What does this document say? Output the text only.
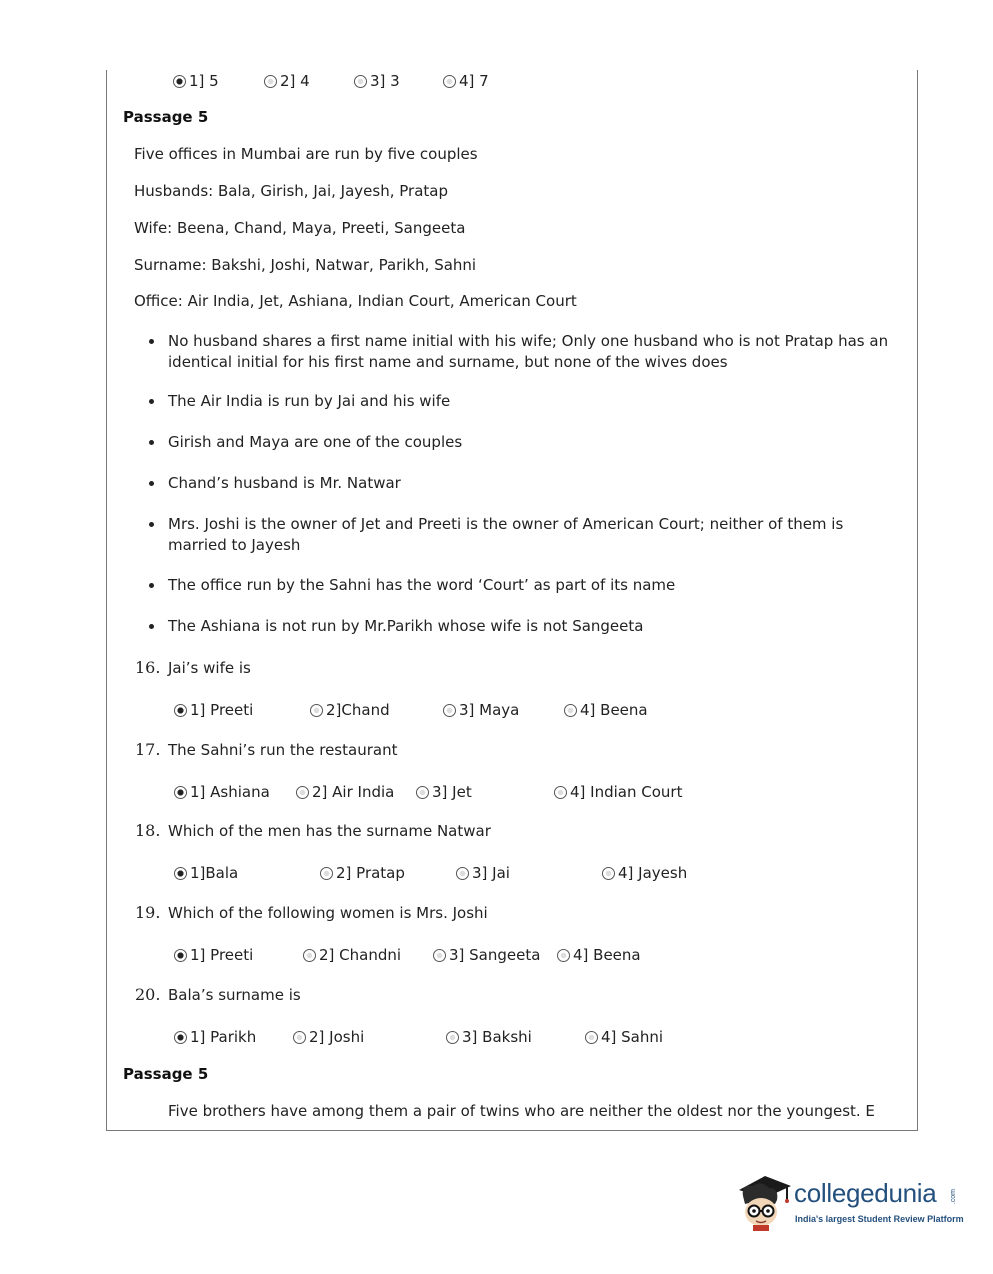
1] 5	2] 4	3] 3	4] 7
Passage 5
Five offices in Mumbai are run by five couples
Husbands: Bala, Girish, Jai, Jayesh, Pratap
Wife: Beena, Chand, Maya, Preeti, Sangeeta
Surname: Bakshi, Joshi, Natwar, Parikh, Sahni
Office: Air India, Jet, Ashiana, Indian Court, American Court
No husband shares a first name initial with his wife; Only one husband who is not Pratap has an identical initial for his first name and surname, but none of the wives does
The Air India is run by Jai and his wife
Girish and Maya are one of the couples
Chand’s husband is Mr. Natwar
Mrs. Joshi is the owner of Jet and Preeti is the owner of American Court; neither of them is married to Jayesh
The office run by the Sahni has the word ‘Court’ as part of its name
The Ashiana is not run by Mr.Parikh whose wife is not Sangeeta
16. Jai’s wife is
1] Preeti	2]Chand	3] Maya	4] Beena
17. The Sahni’s run the restaurant
1] Ashiana	2] Air India	3] Jet	4] Indian Court
18. Which of the men has the surname Natwar
1]Bala	2] Pratap	3] Jai	4] Jayesh
19. Which of the following women is Mrs. Joshi
1] Preeti	2] Chandni	3] Sangeeta 4] Beena
20. Bala’s surname is
1] Parikh	2] Joshi	3] Bakshi	4] Sahni
Passage 5
Five brothers have among them a pair of twins who are neither the oldest nor the youngest. E
collegedunia .com
India's largest Student Review Platform
